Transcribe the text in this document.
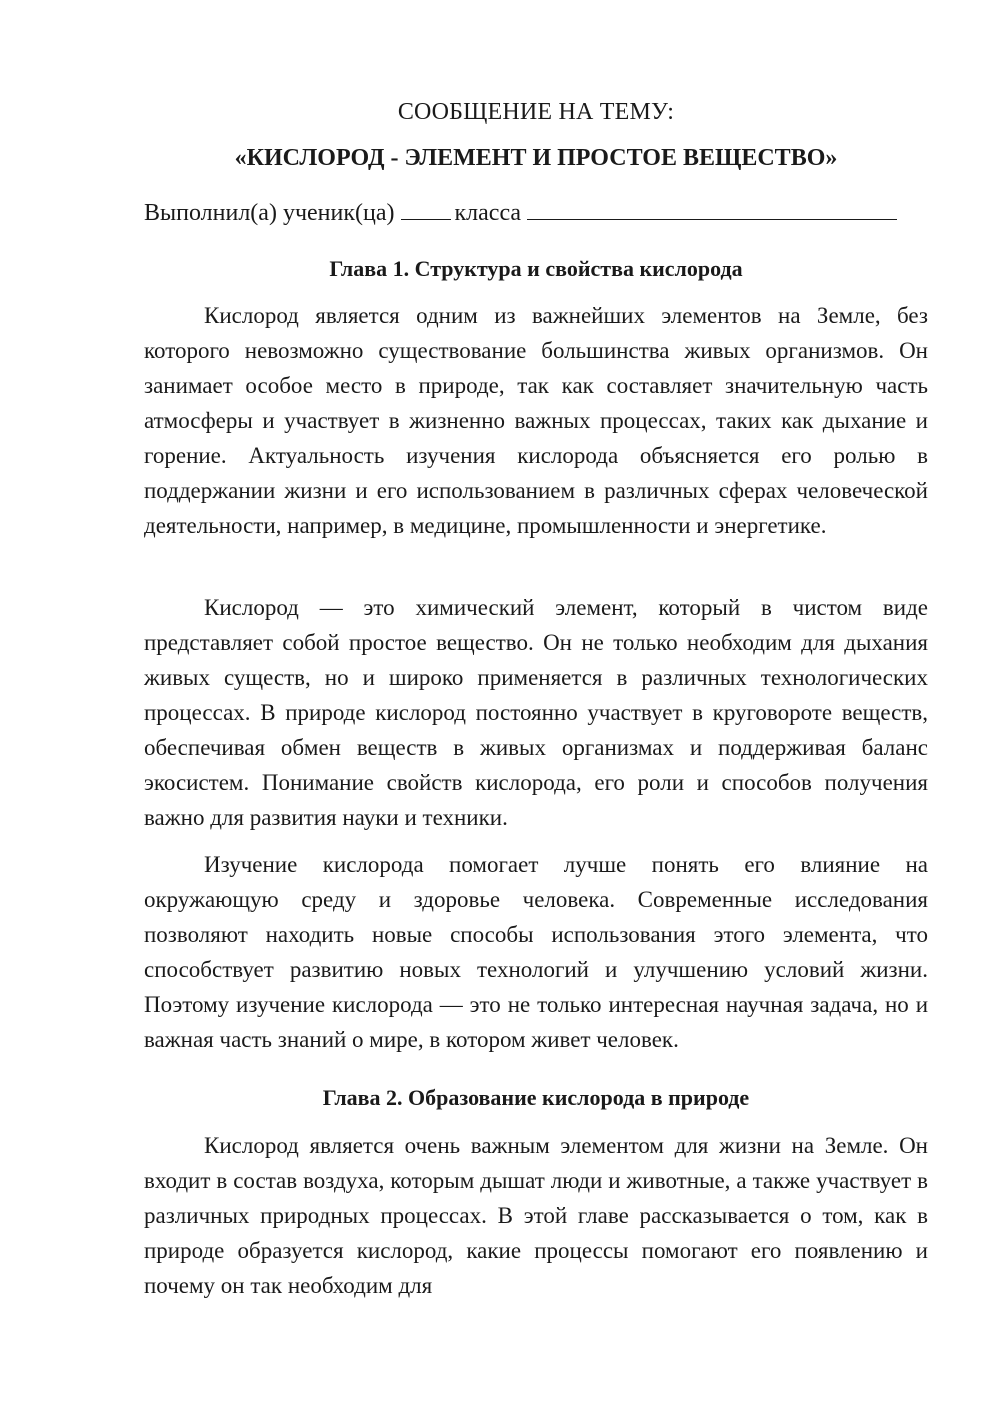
СООБЩЕНИЕ НА ТЕМУ:
«КИСЛОРОД - ЭЛЕМЕНТ И ПРОСТОЕ ВЕЩЕСТВО»
Выполнил(а) ученик(ца)	класса
Глава 1. Структура и свойства кислорода

Кислород является одним из важнейших элементов на Земле, без которого невозможно существование большинства живых организмов. Он занимает особое место в природе, так как составляет значительную часть атмосферы и участвует в жизненно важных процессах, таких как дыхание и горение. Актуальность изучения кислорода объясняется его ролью в поддержании жизни и его использованием в различных сферах человеческой деятельности, например, в медицине, промышленности и энергетике.

Кислород — это химический элемент, который в чистом виде представляет собой простое вещество. Он не только необходим для дыхания живых существ, но и широко применяется в различных технологических процессах. В природе кислород постоянно участвует в круговороте веществ, обеспечивая обмен веществ в живых организмах и поддерживая баланс экосистем. Понимание свойств кислорода, его роли и способов получения важно для развития науки и техники.

Изучение кислорода помогает лучше понять его влияние на окружающую среду и здоровье человека. Современные исследования позволяют находить новые способы использования этого элемента, что способствует развитию новых технологий и улучшению условий жизни. Поэтому изучение кислорода — это не только интересная научная задача, но и важная часть знаний о мире, в котором живет человек.

Глава 2. Образование кислорода в природе

Кислород является очень важным элементом для жизни на Земле. Он входит в состав воздуха, которым дышат люди и животные, а также участвует в различных природных процессах. В этой главе рассказывается о том, как в природе образуется кислород, какие процессы помогают его появлению и почему он так необходим для
